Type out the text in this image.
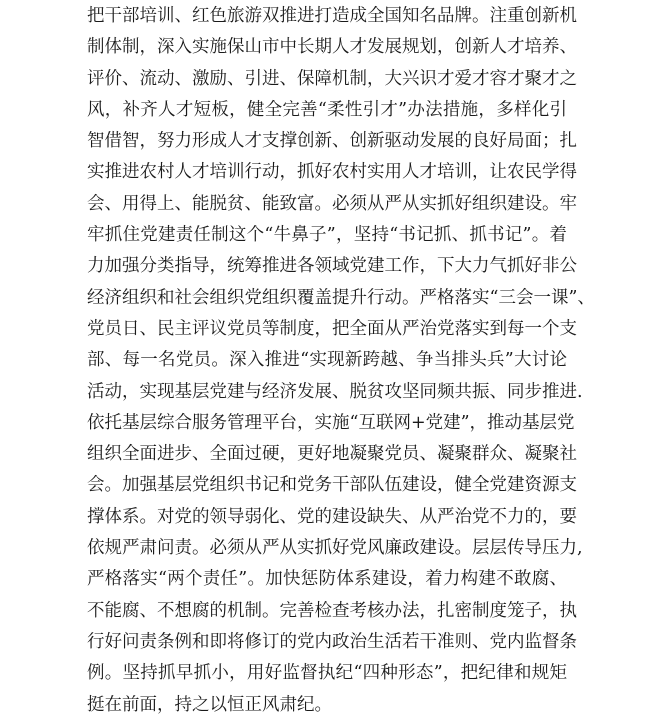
把干部培训、红色旅游双推进打造成全国知名品牌。注重创新机
制体制，深入实施保山市中长期人才发展规划，创新人才培养、
评价、流动、激励、引进、保障机制，大兴识才爱才容才聚才之
风，补齐人才短板，健全完善“柔性引才”办法措施，多样化引
智借智，努力形成人才支撑创新、创新驱动发展的良好局面；扎
实推进农村人才培训行动，抓好农村实用人才培训，让农民学得
会、用得上、能脱贫、能致富。必须从严从实抓好组织建设。牢
牢抓住党建责任制这个“牛鼻子”，坚持“书记抓、抓书记”。着
力加强分类指导，统筹推进各领域党建工作，下大力气抓好非公
经济组织和社会组织党组织覆盖提升行动。严格落实“三会一课”、
党员日、民主评议党员等制度，把全面从严治党落实到每一个支
部、每一名党员。深入推进“实现新跨越、争当排头兵”大讨论
活动，实现基层党建与经济发展、脱贫攻坚同频共振、同步推进.
依托基层综合服务管理平台，实施“互联网+党建”，推动基层党
组织全面进步、全面过硬，更好地凝聚党员、凝聚群众、凝聚社
会。加强基层党组织书记和党务干部队伍建设，健全党建资源支
撑体系。对党的领导弱化、党的建设缺失、从严治党不力的，要
依规严肃问责。必须从严从实抓好党风廉政建设。层层传导压力,
严格落实“两个责任”。加快惩防体系建设，着力构建不敢腐、
不能腐、不想腐的机制。完善检查考核办法，扎密制度笼子，执
行好问责条例和即将修订的党内政治生活若干准则、党内监督条
例。坚持抓早抓小，用好监督执纪“四种形态”，把纪律和规矩
挺在前面，持之以恒正风肃纪。
